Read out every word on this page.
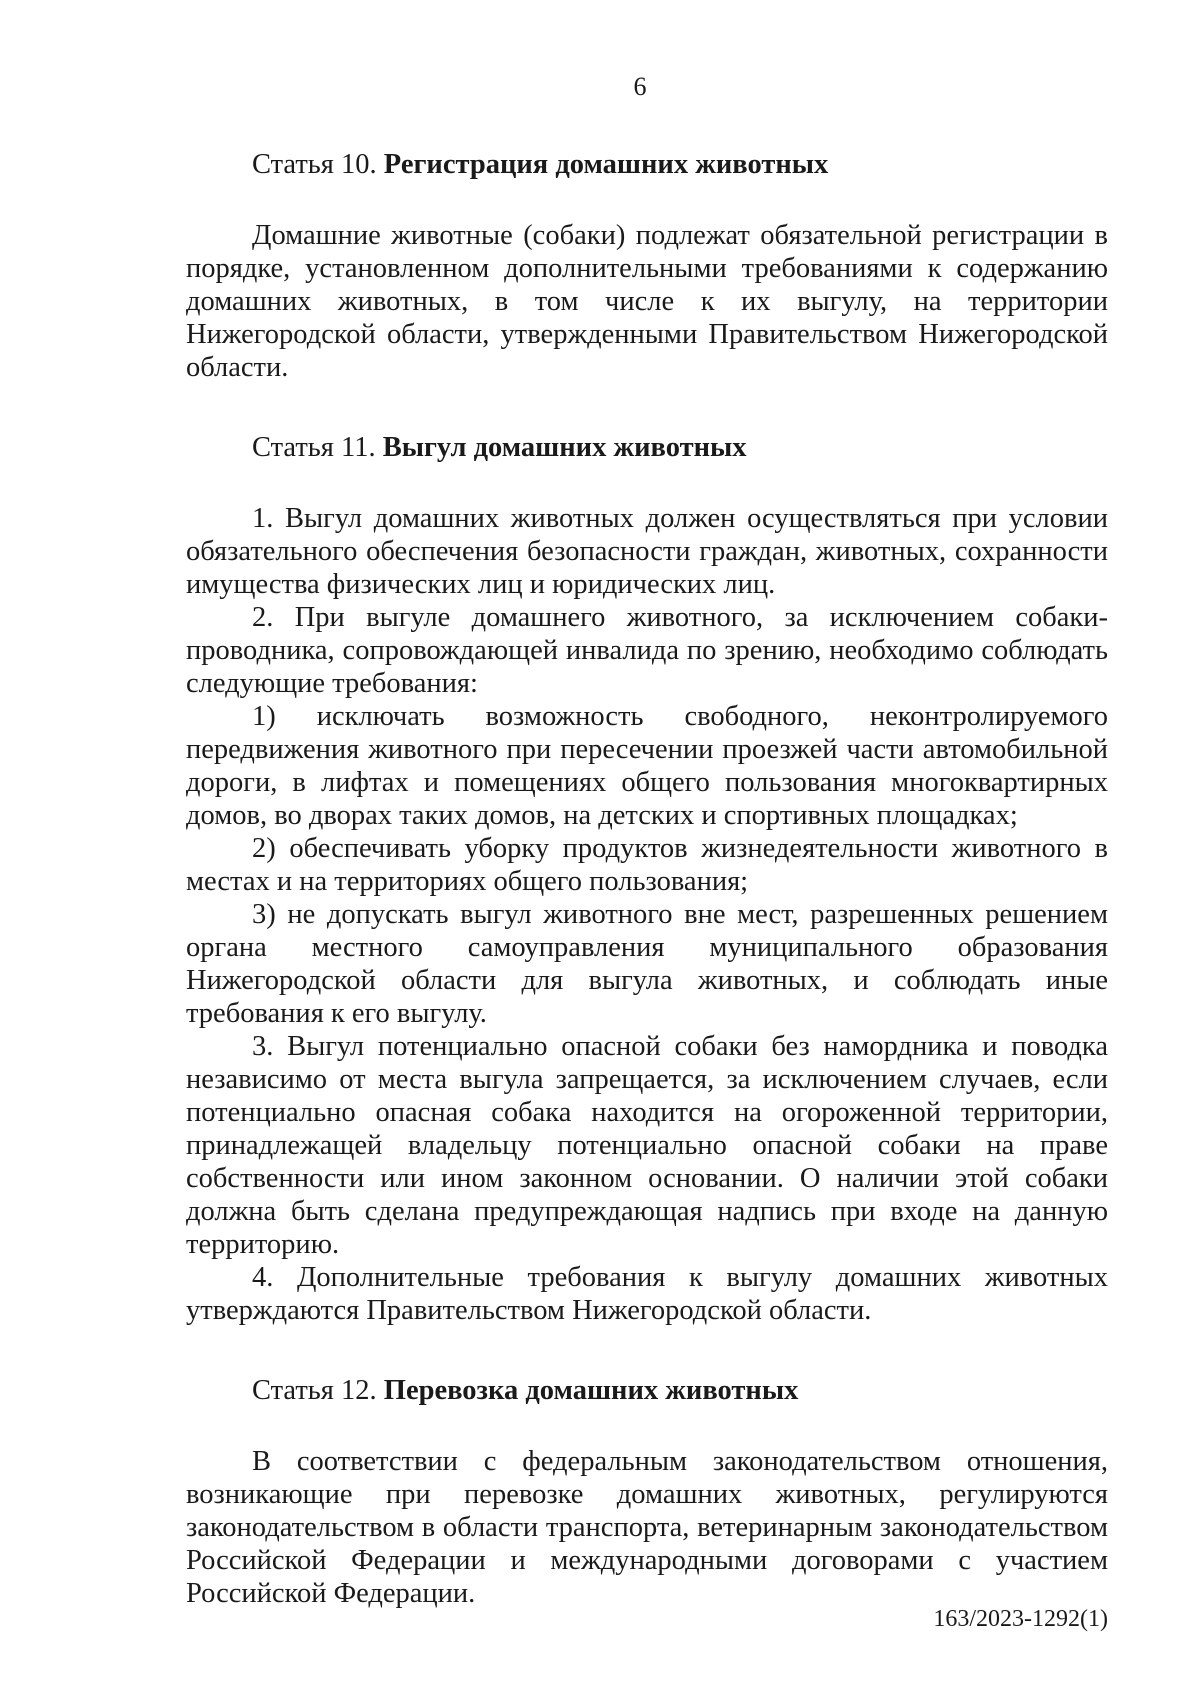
6
Статья 10. Регистрация домашних животных

Домашние животные (собаки) подлежат обязательной регистрации в порядке, установленном дополнительными требованиями к содержанию домашних животных, в том числе к их выгулу, на территории Нижегородской области, утвержденными Правительством Нижегородской области.

Статья 11. Выгул домашних животных

1. Выгул домашних животных должен осуществляться при условии обязательного обеспечения безопасности граждан, животных, сохранности имущества физических лиц и юридических лиц.

2. При выгуле домашнего животного, за исключением собаки-проводника, сопровождающей инвалида по зрению, необходимо соблюдать следующие требования:

1) исключать возможность свободного, неконтролируемого передвижения животного при пересечении проезжей части автомобильной дороги, в лифтах и помещениях общего пользования многоквартирных домов, во дворах таких домов, на детских и спортивных площадках;

2) обеспечивать уборку продуктов жизнедеятельности животного в местах и на территориях общего пользования;

3) не допускать выгул животного вне мест, разрешенных решением органа местного самоуправления муниципального образования Нижегородской области для выгула животных, и соблюдать иные требования к его выгулу.

3. Выгул потенциально опасной собаки без намордника и поводка независимо от места выгула запрещается, за исключением случаев, если потенциально опасная собака находится на огороженной территории, принадлежащей владельцу потенциально опасной собаки на праве собственности или ином законном основании. О наличии этой собаки должна быть сделана предупреждающая надпись при входе на данную территорию.

4. Дополнительные требования к выгулу домашних животных утверждаются Правительством Нижегородской области.

Статья 12. Перевозка домашних животных

В соответствии с федеральным законодательством отношения, возникающие при перевозке домашних животных, регулируются законодательством в области транспорта, ветеринарным законодательством Российской Федерации и международными договорами с участием Российской Федерации.

163/2023-1292(1)
